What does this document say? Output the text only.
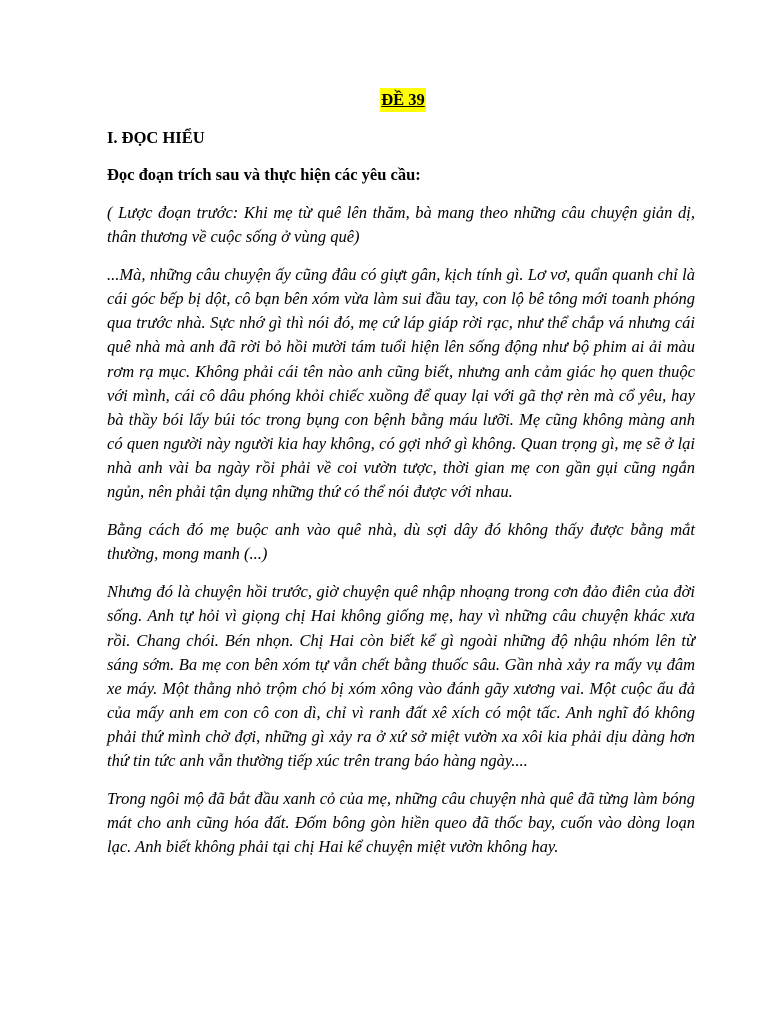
ĐỀ 39
I. ĐỌC HIỂU
Đọc đoạn trích sau và thực hiện các yêu cầu:

( Lược đoạn trước: Khi mẹ từ quê lên thăm, bà mang theo những câu chuyện giản dị, thân thương về cuộc sống ở vùng quê)

...Mà, những câu chuyện ấy cũng đâu có giựt gân, kịch tính gì. Lơ vơ, quẩn quanh chỉ là cái góc bếp bị dột, cô bạn bên xóm vừa làm sui đầu tay, con lộ bê tông mới toanh phóng qua trước nhà. Sực nhớ gì thì nói đó, mẹ cứ láp giáp rời rạc, như thể chắp vá nhưng cái quê nhà mà anh đã rời bỏ hồi mười tám tuổi hiện lên sống động như bộ phim ai ải màu rơm rạ mục. Không phải cái tên nào anh cũng biết, nhưng anh cảm giác họ quen thuộc với mình, cái cô dâu phóng khỏi chiếc xuồng để quay lại với gã thợ rèn mà cổ yêu, hay bà thầy bói lấy búi tóc trong bụng con bệnh bằng máu lưỡi. Mẹ cũng không màng anh có quen người này người kia hay không, có gợi nhớ gì không. Quan trọng gì, mẹ sẽ ở lại nhà anh vài ba ngày rồi phải về coi vườn tược, thời gian mẹ con gần gụi cũng ngắn ngủn, nên phải tận dụng những thứ có thể nói được với nhau.

Bằng cách đó mẹ buộc anh vào quê nhà, dù sợi dây đó không thấy được bằng mắt thường, mong manh (...)

Nhưng đó là chuyện hồi trước, giờ chuyện quê nhập nhoạng trong cơn đảo điên của đời sống. Anh tự hỏi vì giọng chị Hai không giống mẹ, hay vì những câu chuyện khác xưa rồi. Chang chói. Bén nhọn. Chị Hai còn biết kể gì ngoài những độ nhậu nhóm lên từ sáng sớm. Ba mẹ con bên xóm tự vẫn chết bằng thuốc sâu. Gần nhà xảy ra mấy vụ đâm xe máy. Một thằng nhỏ trộm chó bị xóm xông vào đánh gãy xương vai. Một cuộc ẩu đả của mấy anh em con cô con dì, chỉ vì ranh đất xê xích có một tấc. Anh nghĩ đó không phải thứ mình chờ đợi, những gì xảy ra ở xứ sở miệt vườn xa xôi kia phải dịu dàng hơn thứ tin tức anh vẫn thường tiếp xúc trên trang báo hàng ngày....

Trong ngôi mộ đã bắt đầu xanh cỏ của mẹ, những câu chuyện nhà quê đã từng làm bóng mát cho anh cũng hóa đất. Đốm bông gòn hiền queo đã thốc bay, cuốn vào dòng loạn lạc. Anh biết không phải tại chị Hai kể chuyện miệt vườn không hay.
